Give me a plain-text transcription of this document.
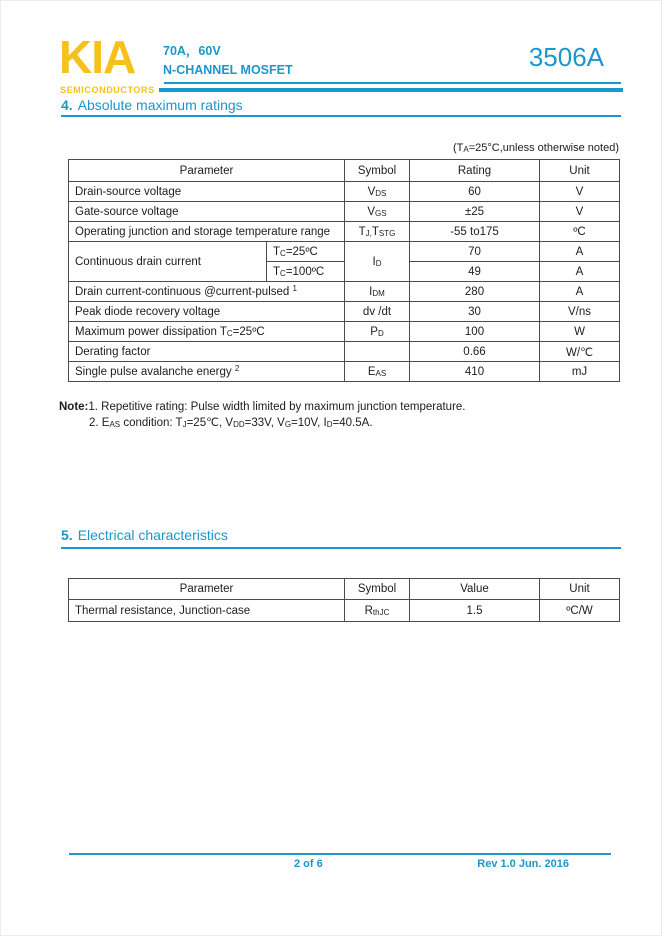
KIA
SEMICONDUCTORS
70A，60V
N-CHANNEL MOSFET	3506A
4. Absolute maximum ratings
($T_A=25^\circ C,unless$ otherwise noted)
Parameter		Symbol	Rating	Unit
Drain-source voltage		$V_{DS}$	60	V
Gate-source voltage		$V_{GS}$	±25	V
Operating junction and storage temperature range		$T_{J,}T_{STG}$	-55 to175	ºC
Continuous drain current	$T_C=25ºC$	$I_D$	70	A
	$T_C=100ºC$		49	A
Drain current-continuous @current-pulsed $^1$		$I_{DM}$	280	A
Peak diode recovery voltage		dv /dt	30	V/ns
Maximum power dissipation $T_C=25ºC$		$P_D$	100	W
Derating factor			0.66	W/℃
Single pulse avalanche energy $^2$		$E_{AS}$	410	mJ
Note:1. Repetitive rating: Pulse width limited by maximum junction temperature.
2. $E_{AS}$ condition: $T_J=25℃$, $V_{DD}=33V$, $V_G=10V$, $I_D=40.5A$.
5. Electrical characteristics
Parameter	Symbol	Value	Unit
Thermal resistance, Junction-case	$R_{thJC}$	1.5	ºC/W
2 of 6	Rev 1.0 Jun. 2016
